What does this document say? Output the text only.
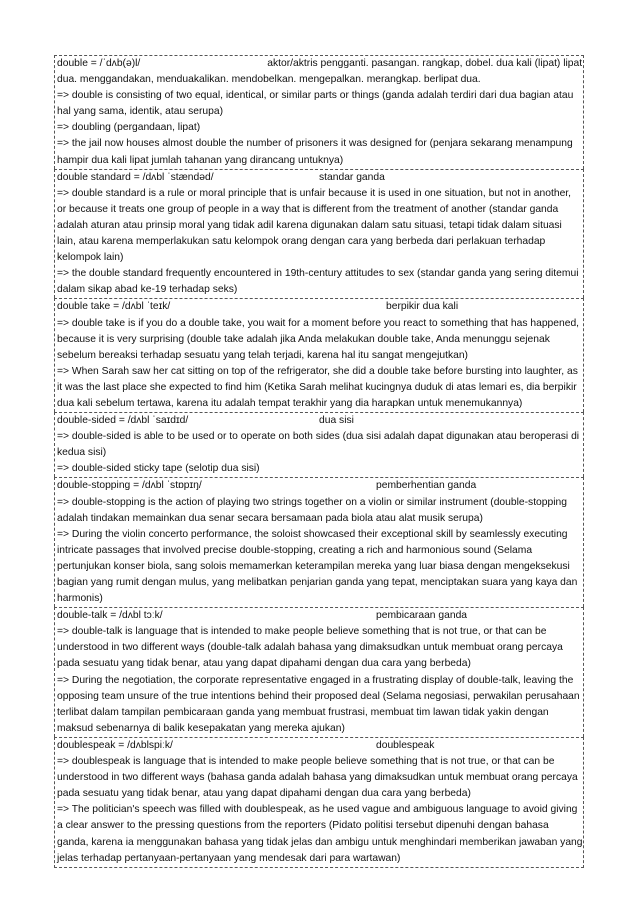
double = /ˈdʌb(ə)l/	aktor/aktris pengganti. pasangan. rangkap, dobel. dua kali (lipat) lipat dua. menggandakan, menduakalikan. mendobelkan. mengepalkan. merangkap. berlipat dua.
=> double is consisting of two equal, identical, or similar parts or things (ganda adalah terdiri dari dua bagian atau hal yang sama, identik, atau serupa)
=> doubling (pergandaan, lipat)
=> the jail now houses almost double the number of prisoners it was designed for (penjara sekarang menampung hampir dua kali lipat jumlah tahanan yang dirancang untuknya)
double standard = /dʌbl ˈstændəd/	standar ganda
=> double standard is a rule or moral principle that is unfair because it is used in one situation, but not in another, or because it treats one group of people in a way that is different from the treatment of another (standar ganda adalah aturan atau prinsip moral yang tidak adil karena digunakan dalam satu situasi, tetapi tidak dalam situasi lain, atau karena memperlakukan satu kelompok orang dengan cara yang berbeda dari perlakuan terhadap kelompok lain)
=> the double standard frequently encountered in 19th-century attitudes to sex (standar ganda yang sering ditemui dalam sikap abad ke-19 terhadap seks)
double take = /dʌbl ˈteɪk/	berpikir dua kali
=> double take is if you do a double take, you wait for a moment before you react to something that has happened, because it is very surprising (double take adalah jika Anda melakukan double take, Anda menunggu sejenak sebelum bereaksi terhadap sesuatu yang telah terjadi, karena hal itu sangat mengejutkan)
=> When Sarah saw her cat sitting on top of the refrigerator, she did a double take before bursting into laughter, as it was the last place she expected to find him (Ketika Sarah melihat kucingnya duduk di atas lemari es, dia berpikir dua kali sebelum tertawa, karena itu adalah tempat terakhir yang dia harapkan untuk menemukannya)
double-sided = /dʌbl ˈsaɪdɪd/	dua sisi
=> double-sided is able to be used or to operate on both sides (dua sisi adalah dapat digunakan atau beroperasi di kedua sisi)
=> double-sided sticky tape (selotip dua sisi)
double-stopping = /dʌbl ˈstɒpɪŋ/	pemberhentian ganda
=> double-stopping is the action of playing two strings together on a violin or similar instrument (double-stopping adalah tindakan memainkan dua senar secara bersamaan pada biola atau alat musik serupa)
=> During the violin concerto performance, the soloist showcased their exceptional skill by seamlessly executing intricate passages that involved precise double-stopping, creating a rich and harmonious sound (Selama pertunjukan konser biola, sang solois memamerkan keterampilan mereka yang luar biasa dengan mengeksekusi bagian yang rumit dengan mulus, yang melibatkan penjarian ganda yang tepat, menciptakan suara yang kaya dan harmonis)
double-talk = /dʌbl tɔːk/	pembicaraan ganda
=> double-talk is language that is intended to make people believe something that is not true, or that can be understood in two different ways (double-talk adalah bahasa yang dimaksudkan untuk membuat orang percaya pada sesuatu yang tidak benar, atau yang dapat dipahami dengan dua cara yang berbeda)
=> During the negotiation, the corporate representative engaged in a frustrating display of double-talk, leaving the opposing team unsure of the true intentions behind their proposed deal (Selama negosiasi, perwakilan perusahaan terlibat dalam tampilan pembicaraan ganda yang membuat frustrasi, membuat tim lawan tidak yakin dengan maksud sebenarnya di balik kesepakatan yang mereka ajukan)
doublespeak = /dʌblspiːk/	doublespeak
=> doublespeak is language that is intended to make people believe something that is not true, or that can be understood in two different ways (bahasa ganda adalah bahasa yang dimaksudkan untuk membuat orang percaya pada sesuatu yang tidak benar, atau yang dapat dipahami dengan dua cara yang berbeda)
=> The politician's speech was filled with doublespeak, as he used vague and ambiguous language to avoid giving a clear answer to the pressing questions from the reporters (Pidato politisi tersebut dipenuhi dengan bahasa ganda, karena ia menggunakan bahasa yang tidak jelas dan ambigu untuk menghindari memberikan jawaban yang jelas terhadap pertanyaan-pertanyaan yang mendesak dari para wartawan)
